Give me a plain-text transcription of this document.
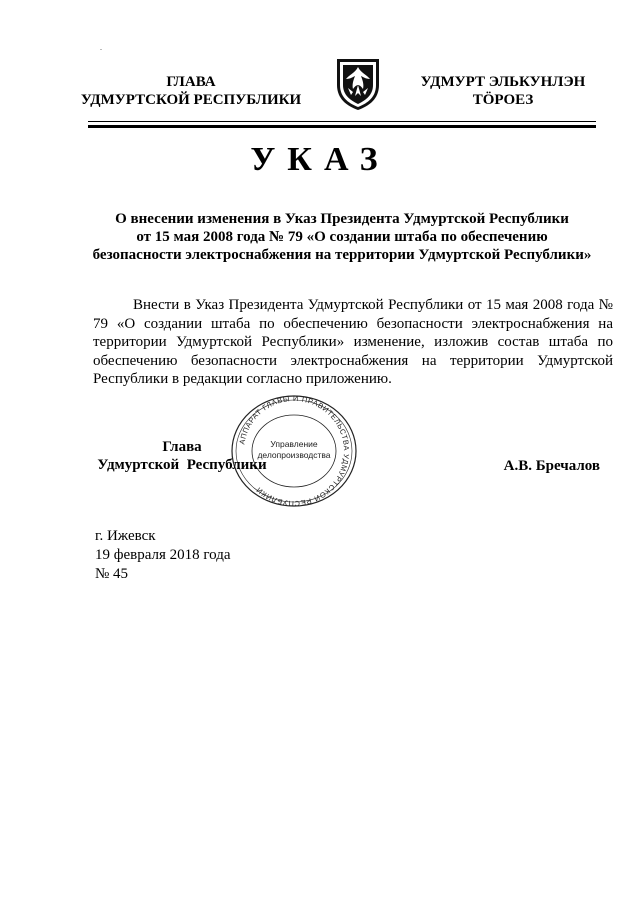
ГЛАВА
УДМУРТСКОЙ РЕСПУБЛИКИ
УДМУРТ ЭЛЬКУНЛЭН
ТӦРОЕЗ
УКАЗ
О внесении изменения в Указ Президента Удмуртской Республики
от 15 мая 2008 года № 79 «О создании штаба по обеспечению
безопасности электроснабжения на территории Удмуртской Республики»
Внести в Указ Президента Удмуртской Республики от 15 мая 2008 года № 79 «О создании штаба по обеспечению безопасности электроснабжения на территории Удмуртской Республики» изменение, изложив состав штаба по обеспечению безопасности электроснабжения на территории Удмуртской Республики в редакции согласно приложению.
АППАРАТ ГЛАВЫ И ПРАВИТЕЛЬСТВА УДМУРТСКОЙ РЕСПУБЛИКИ
Управление
делопроизводства
Глава
Удмуртской  Республики	А.В. Бречалов
г. Ижевск
19 февраля 2018 года
№ 45
